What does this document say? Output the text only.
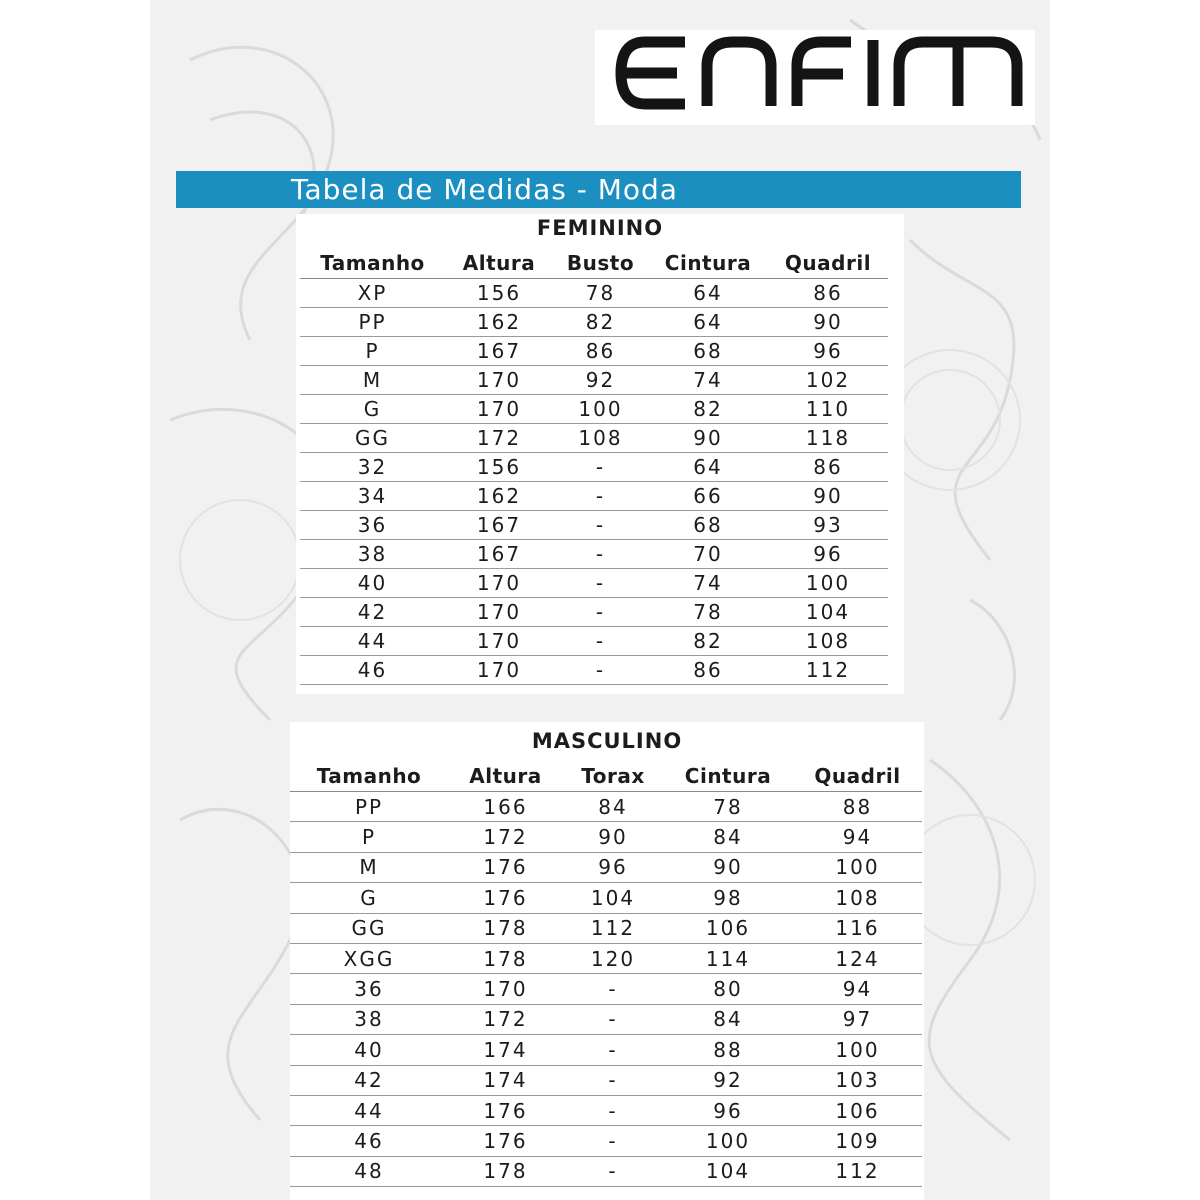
ENFIM
Tabela de Medidas - Moda
FEMININO
Tamanho	Altura	Busto	Cintura	Quadril
XP	156	78	64	86
PP	162	82	64	90
P	167	86	68	96
M	170	92	74	102
G	170	100	82	110
GG	172	108	90	118
32	156	-	64	86
34	162	-	66	90
36	167	-	68	93
38	167	-	70	96
40	170	-	74	100
42	170	-	78	104
44	170	-	82	108
46	170	-	86	112
MASCULINO
Tamanho	Altura	Torax	Cintura	Quadril
PP	166	84	78	88
P	172	90	84	94
M	176	96	90	100
G	176	104	98	108
GG	178	112	106	116
XGG	178	120	114	124
36	170	-	80	94
38	172	-	84	97
40	174	-	88	100
42	174	-	92	103
44	176	-	96	106
46	176	-	100	109
48	178	-	104	112
